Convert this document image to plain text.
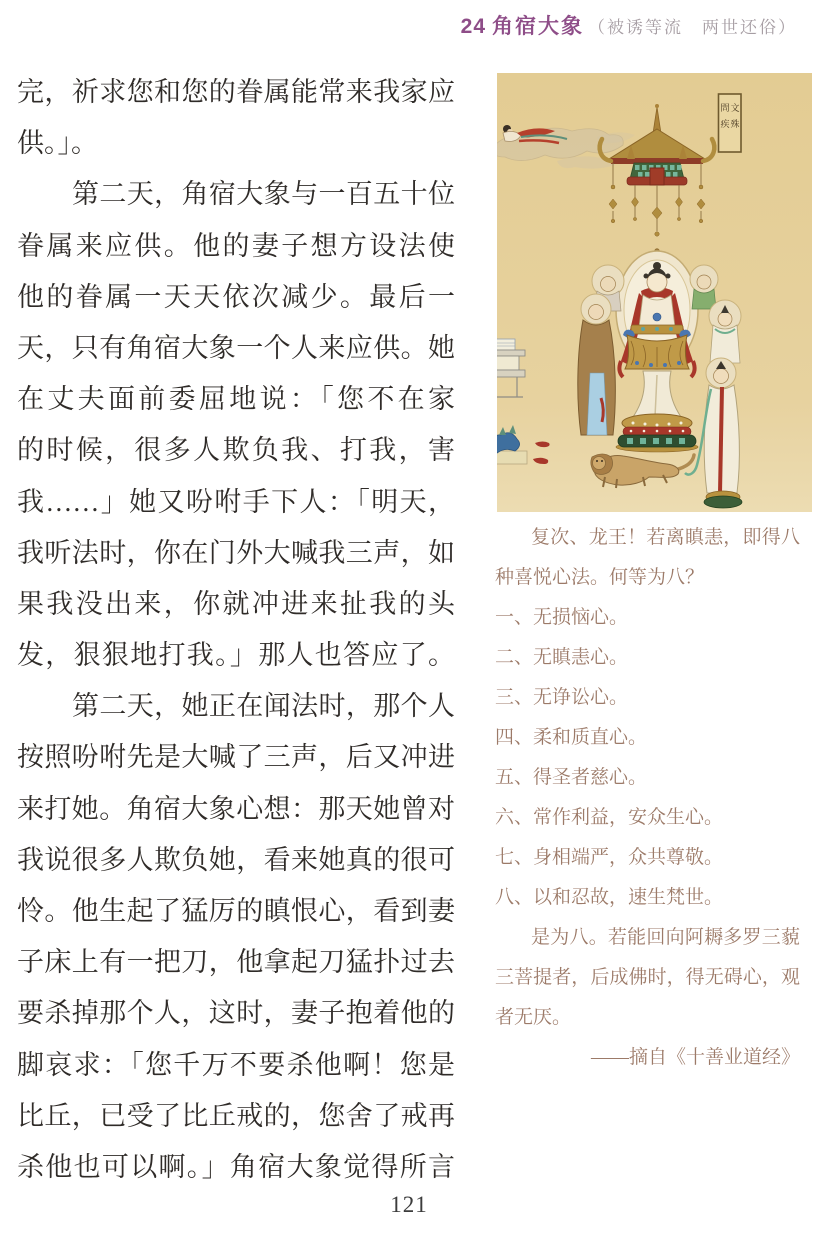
24 角宿大象 （被诱等流　两世还俗）
完，祈求您和您的眷属能常来我家应
供。」。
第二天，角宿大象与一百五十位
眷属来应供。他的妻子想方设法使
他的眷属一天天依次减少。最后一
天，只有角宿大象一个人来应供。她
在丈夫面前委屈地说：「您不在家
的时候，很多人欺负我、打我，害
我……」她又吩咐手下人：「明天，
我听法时，你在门外大喊我三声，如
果我没出来，你就冲进来扯我的头
发，狠狠地打我。」那人也答应了。
第二天，她正在闻法时，那个人
按照吩咐先是大喊了三声，后又冲进
来打她。角宿大象心想：那天她曾对
我说很多人欺负她，看来她真的很可
怜。他生起了猛厉的瞋恨心，看到妻
子床上有一把刀，他拿起刀猛扑过去
要杀掉那个人，这时，妻子抱着他的
脚哀求：「您千万不要杀他啊！您是
比丘，已受了比丘戒的，您舍了戒再
杀他也可以啊。」角宿大象觉得所言
文
殊
問
疾
复次、龙王！若离瞋恚，即得八
种喜悦心法。何等为八？
一、无损恼心。
二、无瞋恚心。
三、无诤讼心。
四、柔和质直心。
五、得圣者慈心。
六、常作利益，安众生心。
七、身相端严，众共尊敬。
八、以和忍故，速生梵世。
是为八。若能回向阿耨多罗三藐
三菩提者，后成佛时，得无碍心，观
者无厌。
——摘自《十善业道经》
121
